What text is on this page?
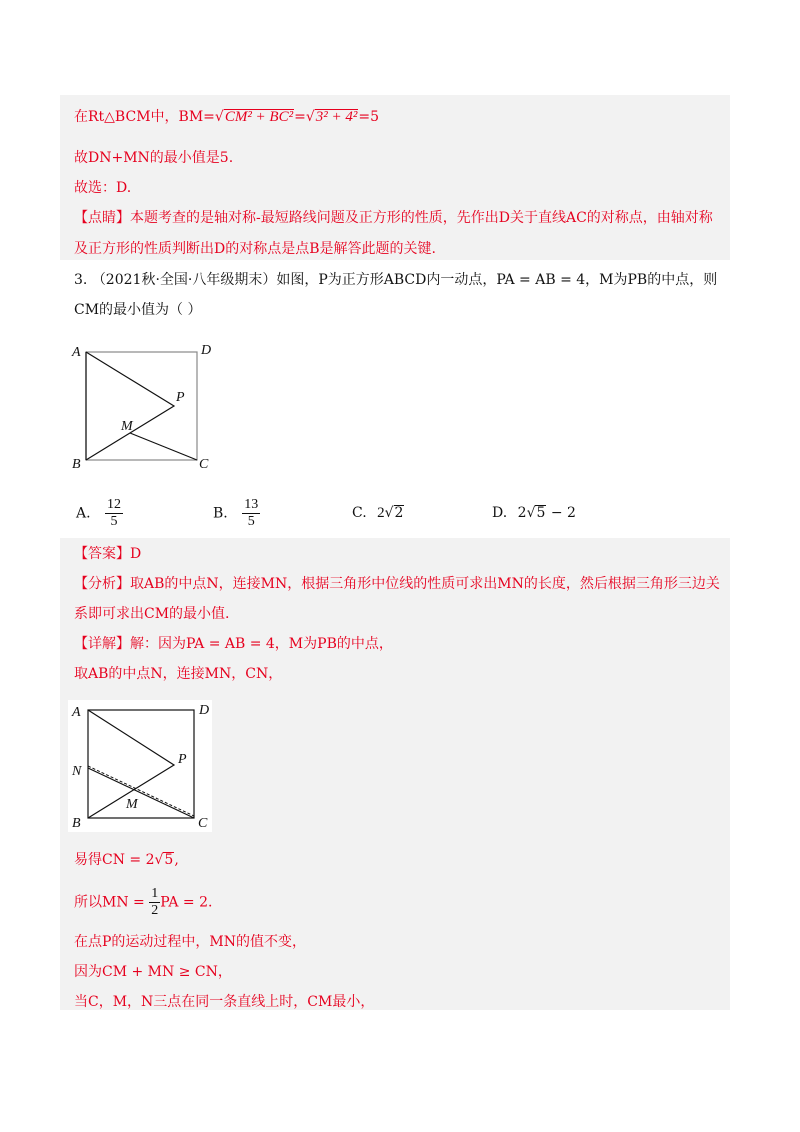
在Rt△BCM中，BM=√CM² + BC²=√3² + 4²=5
故DN+MN的最小值是5.
故选：D.
【点睛】本题考查的是轴对称-最短路线问题及正方形的性质，先作出D关于直线AC的对称点，由轴对称
及正方形的性质判断出D的对称点是点B是解答此题的关键.
3. （2021秋·全国·八年级期末）如图，P为正方形ABCD内一动点，PA = AB = 4，M为PB的中点，则
CM的最小值为（ ）
A	D
B	C
P
M
A. $\frac{12}{5}$	B. $\frac{13}{5}$	C. 2√2	D. 2√5 − 2
【答案】D
【分析】取AB的中点N，连接MN，根据三角形中位线的性质可求出MN的长度，然后根据三角形三边关
系即可求出CM的最小值.
【详解】解：因为PA = AB = 4，M为PB的中点，
取AB的中点N，连接MN，CN，
A	D
N
B	C
P
M
易得CN = 2√5,
所以MN = $\frac{1}{2}$ PA = 2.
在点P的运动过程中，MN的值不变，
因为CM + MN ≥ CN，
当C，M，N三点在同一条直线上时，CM最小，
